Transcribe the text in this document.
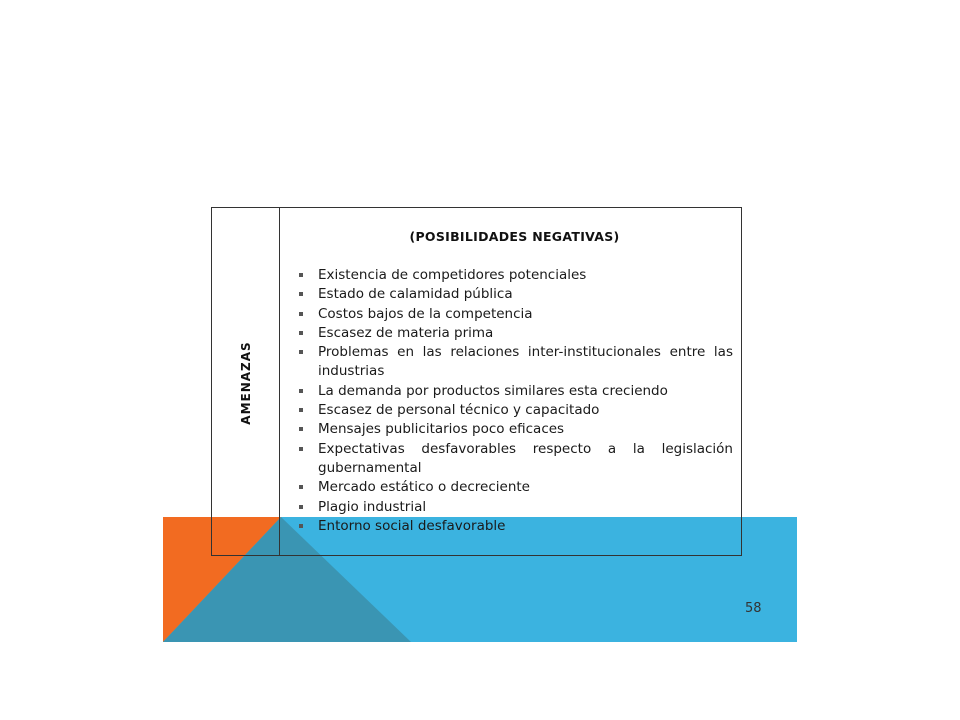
AMENAZAS
(POSIBILIDADES NEGATIVAS)
Existencia de competidores potenciales
Estado de calamidad pública
Costos bajos de la competencia
Escasez de materia prima
Problemas en las relaciones inter-institucionales entre las industrias
La demanda por productos similares esta creciendo
Escasez de personal técnico y capacitado
Mensajes publicitarios poco eficaces
Expectativas desfavorables respecto a la legislación gubernamental
Mercado estático o decreciente
Plagio industrial
Entorno social desfavorable
58
